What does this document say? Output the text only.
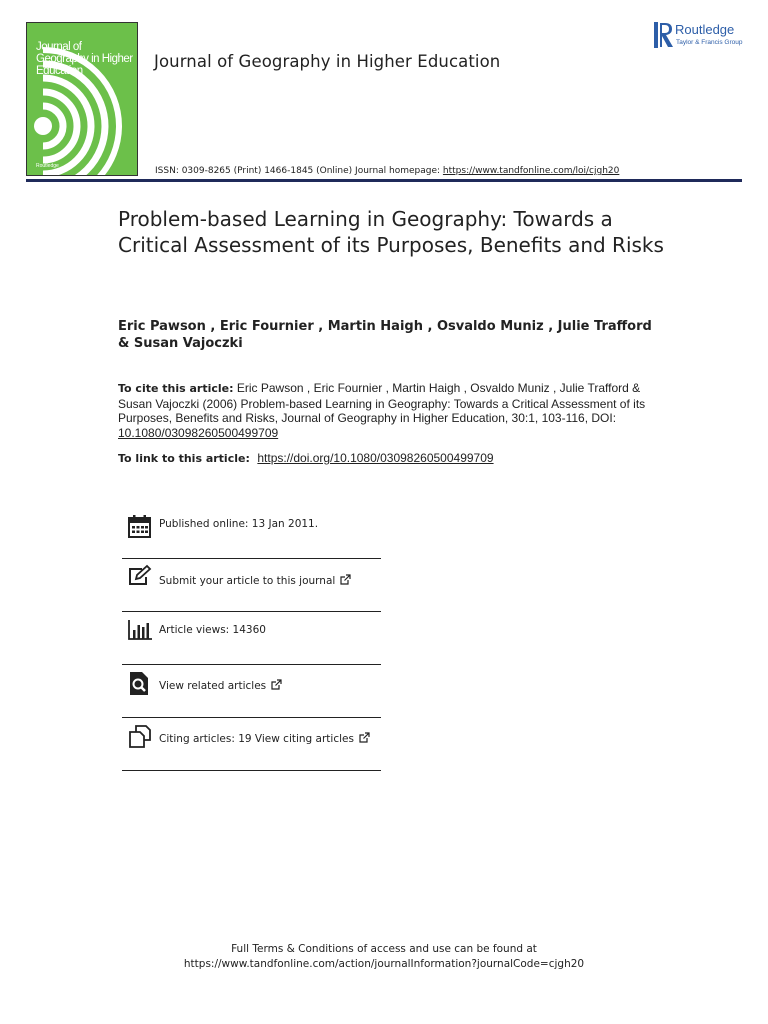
Journal of Geography in Higher Education
Routledge
Journal of Geography in Higher Education
Routledge
Taylor & Francis Group
ISSN: 0309-8265 (Print) 1466-1845 (Online) Journal homepage: https://www.tandfonline.com/loi/cjgh20
Problem-based Learning in Geography: Towards a Critical Assessment of its Purposes, Benefits and Risks
Eric Pawson , Eric Fournier , Martin Haigh , Osvaldo Muniz , Julie Trafford & Susan Vajoczki
To cite this article: Eric Pawson , Eric Fournier , Martin Haigh , Osvaldo Muniz , Julie Trafford & Susan Vajoczki (2006) Problem-based Learning in Geography: Towards a Critical Assessment of its Purposes, Benefits and Risks, Journal of Geography in Higher Education, 30:1, 103-116, DOI: 10.1080/03098260500499709
To link to this article: https://doi.org/10.1080/03098260500499709
Published online: 13 Jan 2011.
Submit your article to this journal
Article views: 14360
View related articles
Citing articles: 19 View citing articles
Full Terms & Conditions of access and use can be found at
https://www.tandfonline.com/action/journalInformation?journalCode=cjgh20
